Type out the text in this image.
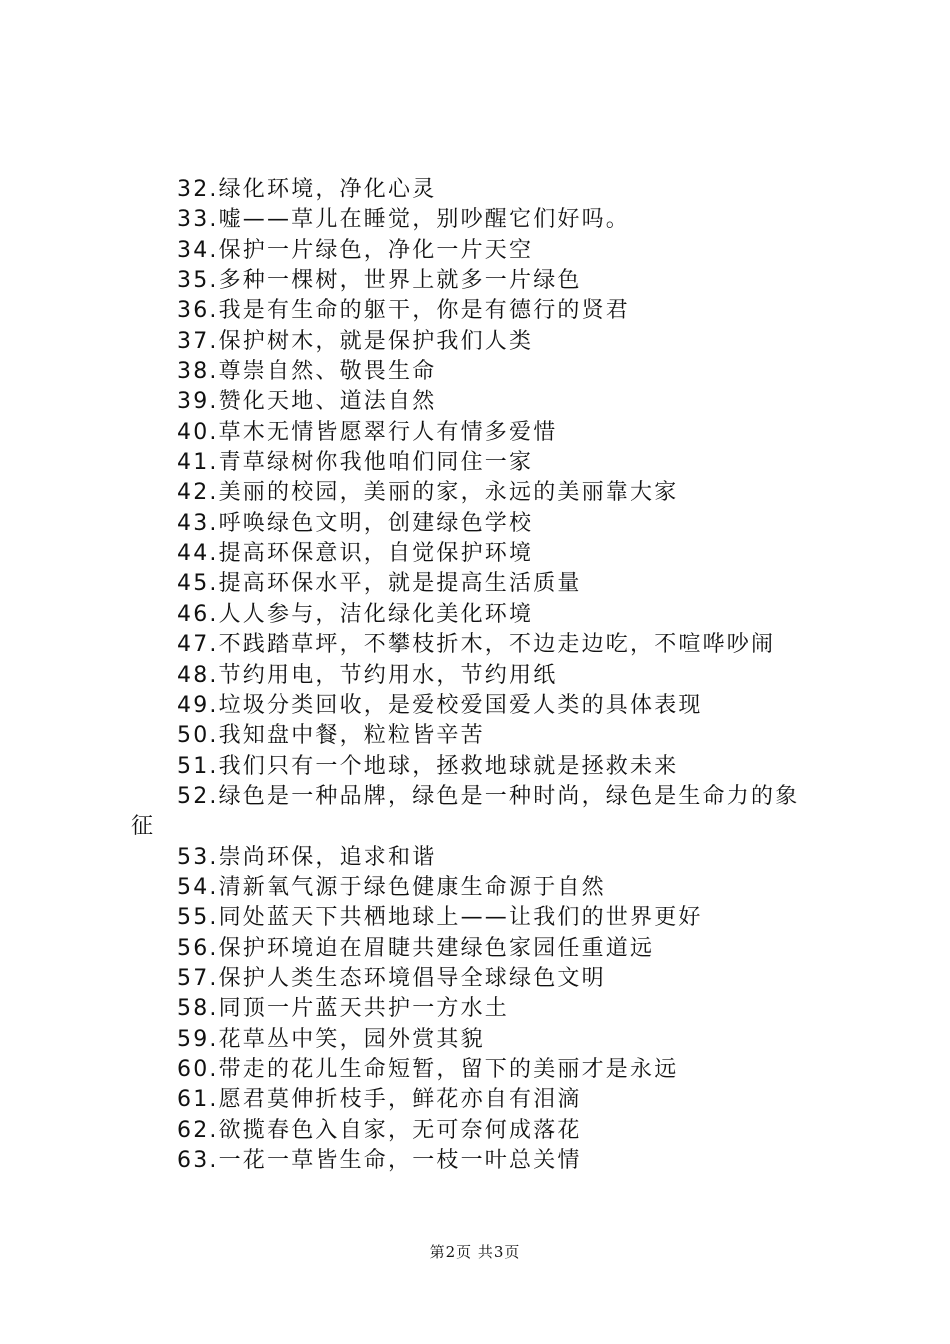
32.绿化环境，净化心灵
33.嘘——草儿在睡觉，别吵醒它们好吗。
34.保护一片绿色，净化一片天空
35.多种一棵树，世界上就多一片绿色
36.我是有生命的躯干，你是有德行的贤君
37.保护树木，就是保护我们人类
38.尊崇自然、敬畏生命
39.赞化天地、道法自然
40.草木无情皆愿翠行人有情多爱惜
41.青草绿树你我他咱们同住一家
42.美丽的校园，美丽的家，永远的美丽靠大家
43.呼唤绿色文明，创建绿色学校
44.提高环保意识，自觉保护环境
45.提高环保水平，就是提高生活质量
46.人人参与，洁化绿化美化环境
47.不践踏草坪，不攀枝折木，不边走边吃，不喧哗吵闹
48.节约用电，节约用水，节约用纸
49.垃圾分类回收，是爱校爱国爱人类的具体表现
50.我知盘中餐，粒粒皆辛苦
51.我们只有一个地球，拯救地球就是拯救未来
52.绿色是一种品牌，绿色是一种时尚，绿色是生命力的象
征
53.崇尚环保，追求和谐
54.清新氧气源于绿色健康生命源于自然
55.同处蓝天下共栖地球上——让我们的世界更好
56.保护环境迫在眉睫共建绿色家园任重道远
57.保护人类生态环境倡导全球绿色文明
58.同顶一片蓝天共护一方水土
59.花草丛中笑，园外赏其貌
60.带走的花儿生命短暂，留下的美丽才是永远
61.愿君莫伸折枝手，鲜花亦自有泪滴
62.欲揽春色入自家，无可奈何成落花
63.一花一草皆生命，一枝一叶总关情
第2页 共3页
